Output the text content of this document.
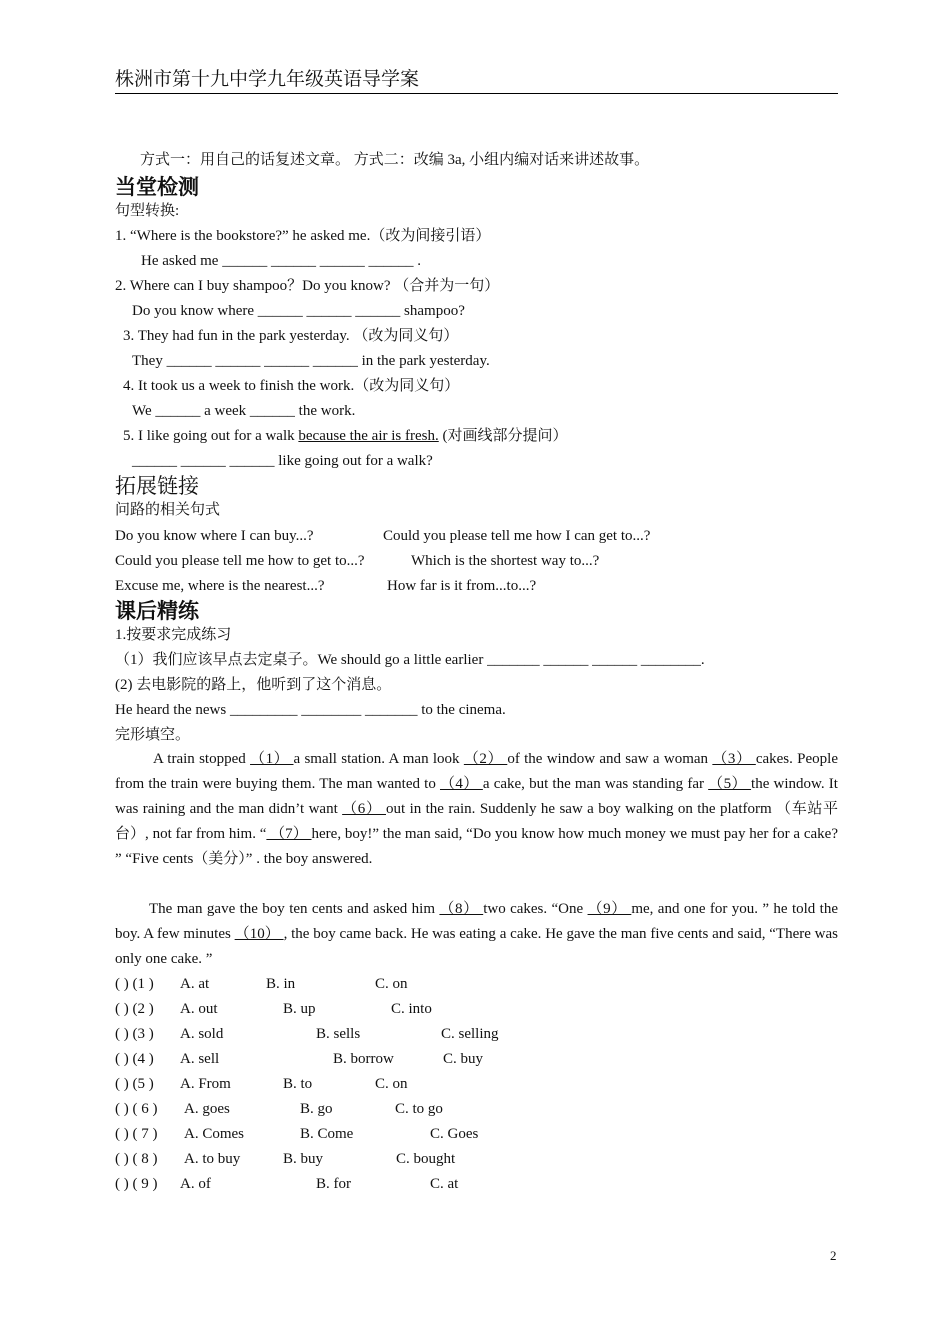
株洲市第十九中学九年级英语导学案
方式一：用自己的话复述文章。 方式二：改编 3a, 小组内编对话来讲述故事。
当堂检测
句型转换:
1. “Where is the bookstore?” he asked me.（改为间接引语）
He asked me ______ ______ ______ ______ .
2. Where can I buy shampoo？Do you know? （合并为一句）
Do you know where ______ ______ ______ shampoo?
3. They had fun in the park yesterday. （改为同义句）
They ______ ______ ______ ______ in the park yesterday.
4. It took us a week to finish the work.（改为同义句）
We ______ a week ______ the work.
5. I like going out for a walk because the air is fresh. (对画线部分提问）
______ ______ ______ like going out for a walk?
拓展链接
问路的相关句式
Do you know where I can buy...?	Could you please tell me how I can get to...?
Could you please tell me how to get to...?	Which is the shortest way to...?
Excuse me, where is the nearest...?	How far is it from...to...?
课后精练
1.按要求完成练习
（1）我们应该早点去定桌子。We should go a little earlier _______ ______ ______ ________.
(2) 去电影院的路上，他听到了这个消息。
He heard the news _________ ________ _______ to the cinema.
完形填空。
A train stopped （1） a small station. A man look （2） of the window and saw a woman （3） cakes. People from the train were buying them. The man wanted to （4） a cake, but the man was standing far （5） the window. It was raining and the man didn’t want （6） out in the rain. Suddenly he saw a boy walking on the platform （车站平台）, not far from him. “ （7） here, boy!” the man said, “Do you know how much money we must pay her for a cake? ” “Five cents（美分）” . the boy answered.
The man gave the boy ten cents and asked him （8） two cakes. “One （9） me, and one for you. ” he told the boy. A few minutes （10） , the boy came back. He was eating a cake. He gave the man five cents and said, “There was only one cake. ”
( ) (1 ) A. at	B. in	C. on
( ) (2 ) A. out	B. up	C. into
( ) (3 ) A. sold	B. sells	C. selling
( ) (4 ) A. sell	B. borrow	C. buy
( ) (5 ) A. From	B. to	C. on
( ) ( 6 ) A. goes	B. go	C. to go
( ) ( 7 ) A. Comes	B. Come	C. Goes
( ) ( 8 ) A. to buy	B. buy	C. bought
( ) ( 9 ) A. of	B. for	C. at
2
